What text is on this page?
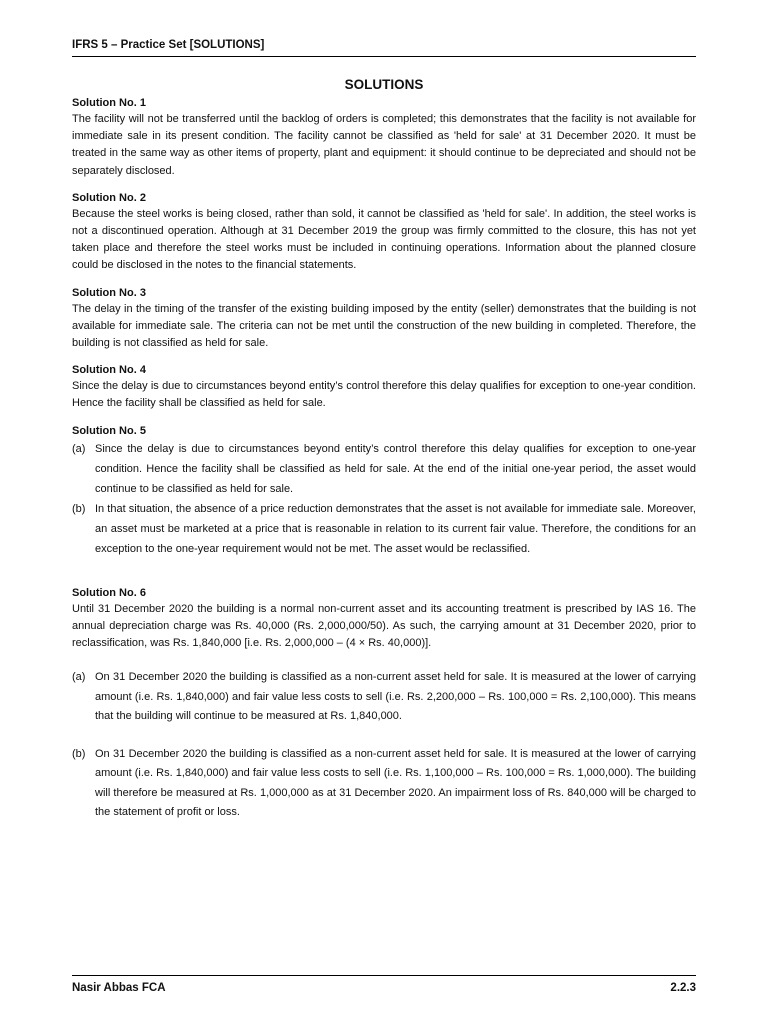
IFRS 5 – Practice Set [SOLUTIONS]
SOLUTIONS
Solution No. 1

The facility will not be transferred until the backlog of orders is completed; this demonstrates that the facility is not available for immediate sale in its present condition. The facility cannot be classified as 'held for sale' at 31 December 2020. It must be treated in the same way as other items of property, plant and equipment: it should continue to be depreciated and should not be separately disclosed.

Solution No. 2

Because the steel works is being closed, rather than sold, it cannot be classified as 'held for sale'. In addition, the steel works is not a discontinued operation. Although at 31 December 2019 the group was firmly committed to the closure, this has not yet taken place and therefore the steel works must be included in continuing operations. Information about the planned closure could be disclosed in the notes to the financial statements.

Solution No. 3

The delay in the timing of the transfer of the existing building imposed by the entity (seller) demonstrates that the building is not available for immediate sale. The criteria can not be met until the construction of the new building in completed. Therefore, the building is not classified as held for sale.

Solution No. 4

Since the delay is due to circumstances beyond entity’s control therefore this delay qualifies for exception to one-year condition. Hence the facility shall be classified as held for sale.

Solution No. 5
(a) Since the delay is due to circumstances beyond entity’s control therefore this delay qualifies for exception to one-year condition. Hence the facility shall be classified as held for sale. At the end of the initial one-year period, the asset would continue to be classified as held for sale.
(b) In that situation, the absence of a price reduction demonstrates that the asset is not available for immediate sale. Moreover, an asset must be marketed at a price that is reasonable in relation to its current fair value. Therefore, the conditions for an exception to the one-year requirement would not be met. The asset would be reclassified.
Solution No. 6

Until 31 December 2020 the building is a normal non-current asset and its accounting treatment is prescribed by IAS 16. The annual depreciation charge was Rs. 40,000 (Rs. 2,000,000/50). As such, the carrying amount at 31 December 2020, prior to reclassification, was Rs. 1,840,000 [i.e. Rs. 2,000,000 – (4 × Rs. 40,000)].

(a) On 31 December 2020 the building is classified as a non-current asset held for sale. It is measured at the lower of carrying amount (i.e. Rs. 1,840,000) and fair value less costs to sell (i.e. Rs. 2,200,000 – Rs. 100,000 = Rs. 2,100,000). This means that the building will continue to be measured at Rs. 1,840,000.
(b) On 31 December 2020 the building is classified as a non-current asset held for sale. It is measured at the lower of carrying amount (i.e. Rs. 1,840,000) and fair value less costs to sell (i.e. Rs. 1,100,000 – Rs. 100,000 = Rs. 1,000,000). The building will therefore be measured at Rs. 1,000,000 as at 31 December 2020. An impairment loss of Rs. 840,000 will be charged to the statement of profit or loss.
Nasir Abbas FCA	2.2.3
